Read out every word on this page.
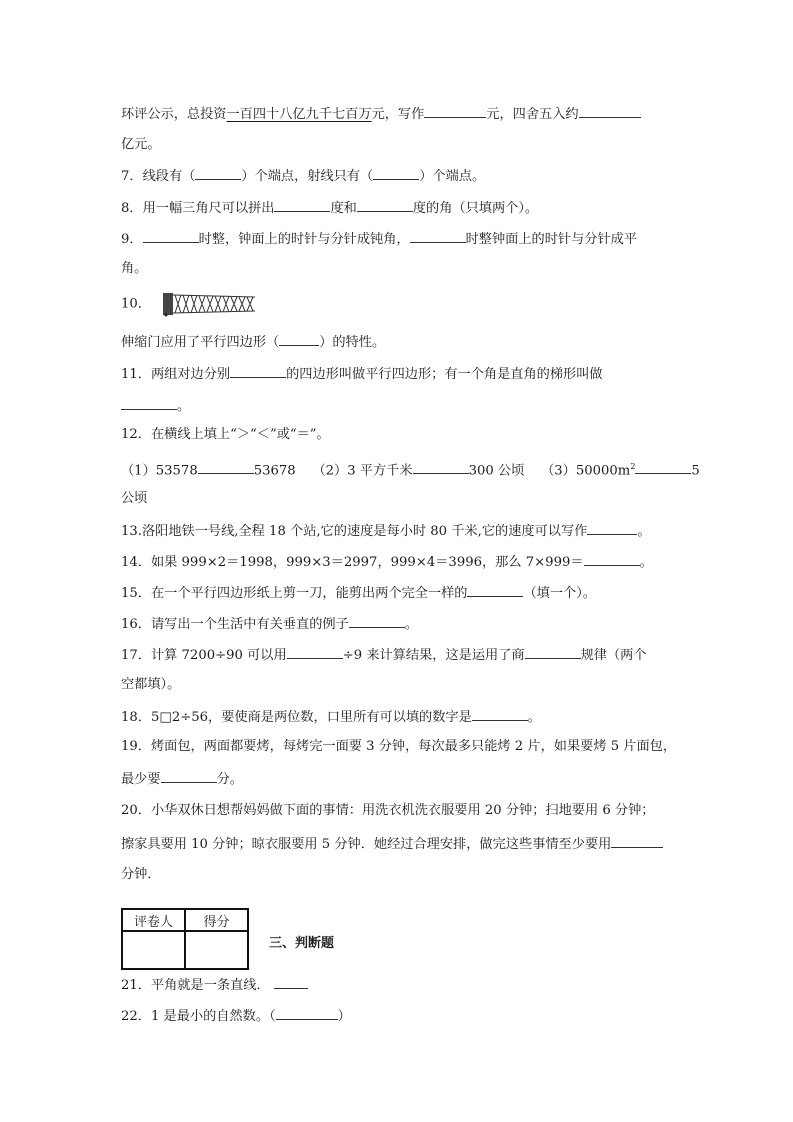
环评公示，总投资一百四十八亿九千七百万元，写作	元，四舍五入约
亿元。
7．线段有（	）个端点，射线只有（	）个端点。
8．用一幅三角尺可以拼出	度和	度的角（只填两个）。
9．	时整，钟面上的时针与分针成钝角，	时整钟面上的时针与分针成平
角。
10．
伸缩门应用了平行四边形（	）的特性。
11．两组对边分别	的四边形叫做平行四边形；有一个角是直角的梯形叫做
。
12．在横线上填上“＞“＜”或“＝”。
（1）53578	53678 （2）3 平方千米	300 公顷 $(3)50000m^2$	5
公顷
13.洛阳地铁一号线,全程 18 个站,它的速度是每小时 80 千米,它的速度可以写作	。
14．如果 999×2＝1998，999×3＝2997，999×4＝3996，那么 7×999＝	。
15．在一个平行四边形纸上剪一刀，能剪出两个完全一样的	（填一个）。
16．请写出一个生活中有关垂直的例子	。
17．计算 7200÷90 可以用	÷9 来计算结果，这是运用了商	规律（两个
空都填）。
18．5□2÷56，要使商是两位数，口里所有可以填的数字是	。
19．烤面包，两面都要烤，每烤完一面要 3 分钟，每次最多只能烤 2 片，如果要烤 5 片面包，
最少要	分。
20．小华双休日想帮妈妈做下面的事情：用洗衣机洗衣服要用 20 分钟；扫地要用 6 分钟；
擦家具要用 10 分钟；晾衣服要用 5 分钟．她经过合理安排，做完这些事情至少要用
分钟．
评卷人	得分

三、判断题
21．平角就是一条直线．
22．1 是最小的自然数。（	）
